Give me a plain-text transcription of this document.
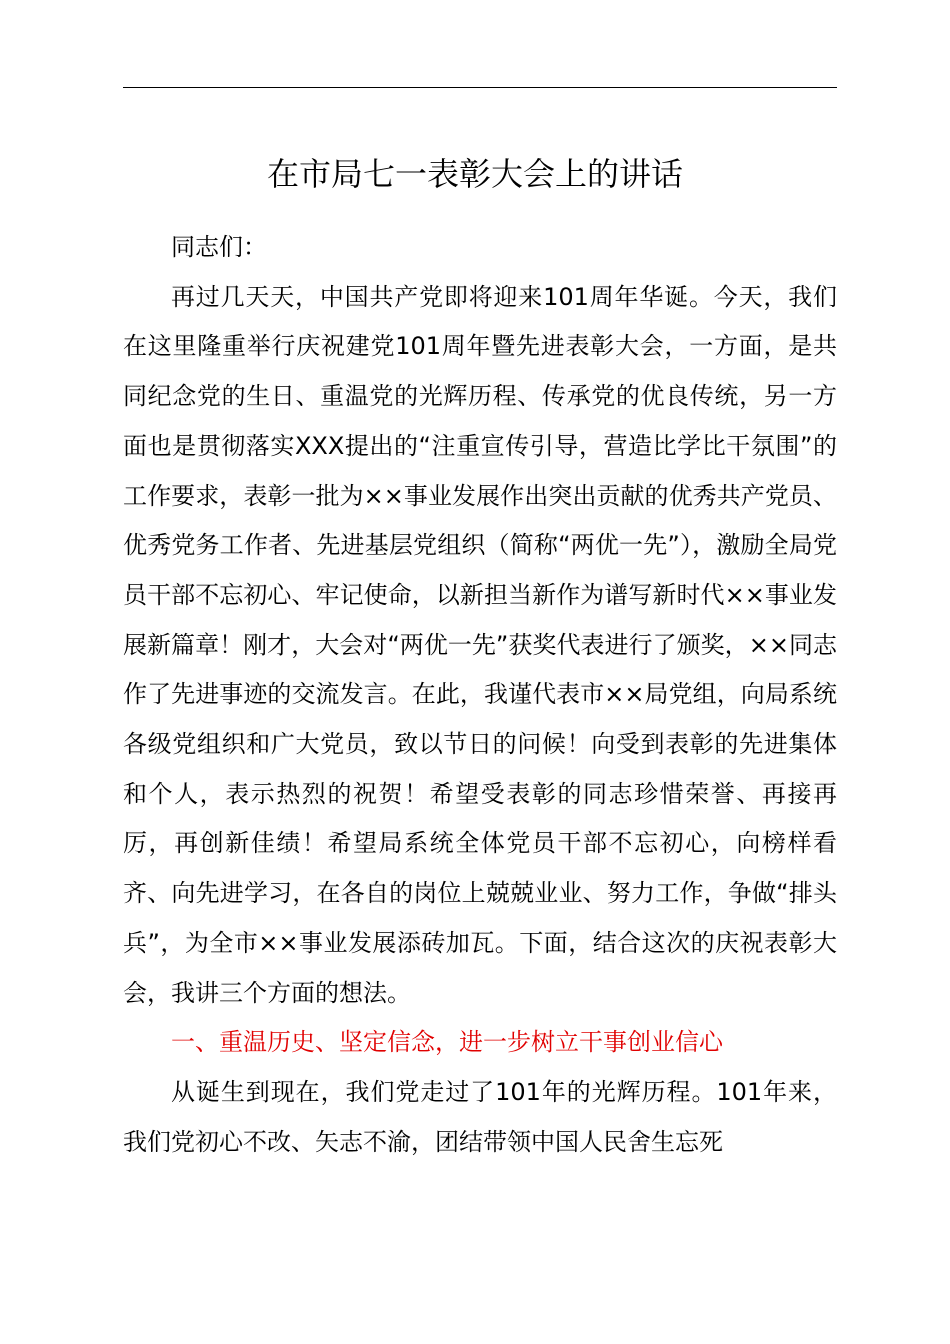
在市局七一表彰大会上的讲话

同志们：

再过几天天，中国共产党即将迎来101周年华诞。今天，我们在这里隆重举行庆祝建党101周年暨先进表彰大会，一方面，是共同纪念党的生日、重温党的光辉历程、传承党的优良传统，另一方面也是贯彻落实XXX提出的“注重宣传引导，营造比学比干氛围”的工作要求，表彰一批为××事业发展作出突出贡献的优秀共产党员、优秀党务工作者、先进基层党组织（简称“两优一先”），激励全局党员干部不忘初心、牢记使命，以新担当新作为谱写新时代××事业发展新篇章！刚才，大会对“两优一先”获奖代表进行了颁奖，××同志作了先进事迹的交流发言。在此，我谨代表市××局党组，向局系统各级党组织和广大党员，致以节日的问候！向受到表彰的先进集体和个人，表示热烈的祝贺！希望受表彰的同志珍惜荣誉、再接再厉，再创新佳绩！希望局系统全体党员干部不忘初心，向榜样看齐、向先进学习，在各自的岗位上兢兢业业、努力工作，争做“排头兵”，为全市××事业发展添砖加瓦。下面，结合这次的庆祝表彰大会，我讲三个方面的想法。

一、重温历史、坚定信念，进一步树立干事创业信心

从诞生到现在，我们党走过了101年的光辉历程。101年来，我们党初心不改、矢志不渝，团结带领中国人民舍生忘死
